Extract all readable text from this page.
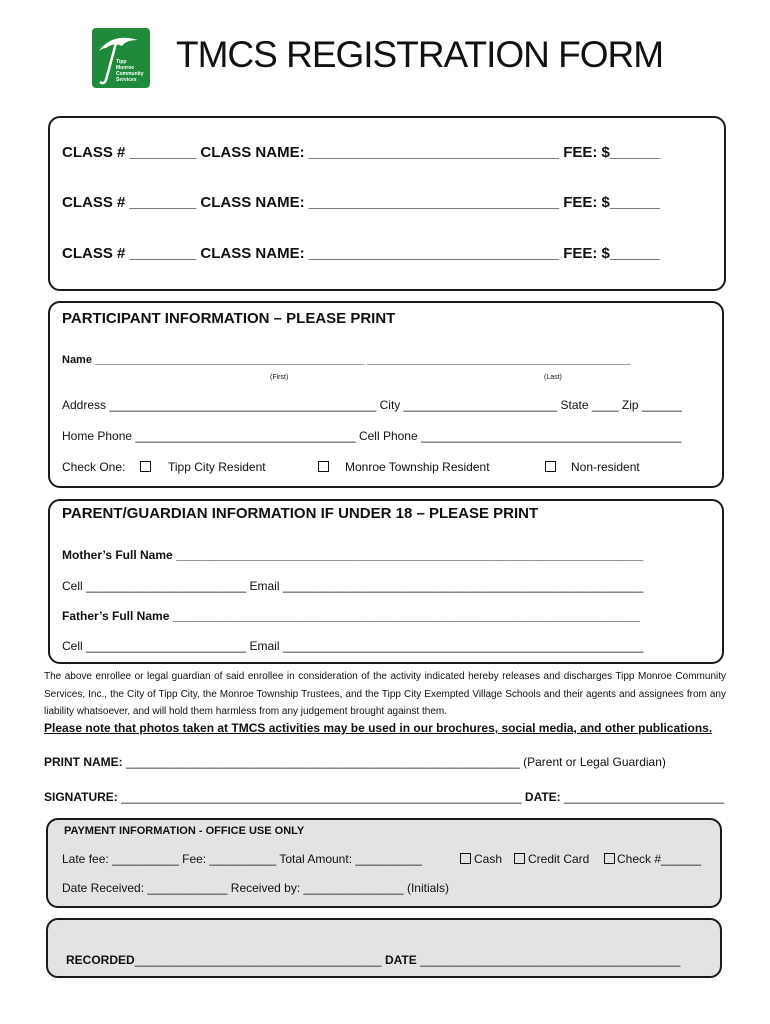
Tipp
Monroe
Community
Services
TMCS REGISTRATION FORM
CLASS # ________ CLASS NAME: ______________________________ FEE: $______
CLASS # ________ CLASS NAME: ______________________________ FEE: $______
CLASS # ________ CLASS NAME: ______________________________ FEE: $______
PARTICIPANT INFORMATION – PLEASE PRINT
Name ____________________________________________ ___________________________________________
(First)	(Last)
Address ________________________________________ City _______________________ State ____ Zip ______
Home Phone _________________________________ Cell Phone _______________________________________
Check One:	Tipp City Resident	Monroe Township Resident	Non-resident
PARENT/GUARDIAN INFORMATION IF UNDER 18 – PLEASE PRINT
Mother’s Full Name ______________________________________________________________________
Cell ________________________ Email ______________________________________________________
Father’s Full Name ______________________________________________________________________
Cell ________________________ Email ______________________________________________________
The above enrollee or legal guardian of said enrollee in consideration of the activity indicated hereby releases and discharges Tipp Monroe Community Services, Inc., the City of Tipp City, the Monroe Township Trustees, and the Tipp City Exempted Village Schools and their agents and assignees from any liability whatsoever, and will hold them harmless from any judgement brought against them.
Please note that photos taken at TMCS activities may be used in our brochures, social media, and other publications.
PRINT NAME: ___________________________________________________________ (Parent or Legal Guardian)
SIGNATURE: ____________________________________________________________ DATE: ________________________
PAYMENT INFORMATION - OFFICE USE ONLY
Late fee: __________ Fee: __________ Total Amount: __________	Cash Credit Card Check #______
Date Received: ____________ Received by: _______________ (Initials)
RECORDED_____________________________________ DATE _______________________________________
